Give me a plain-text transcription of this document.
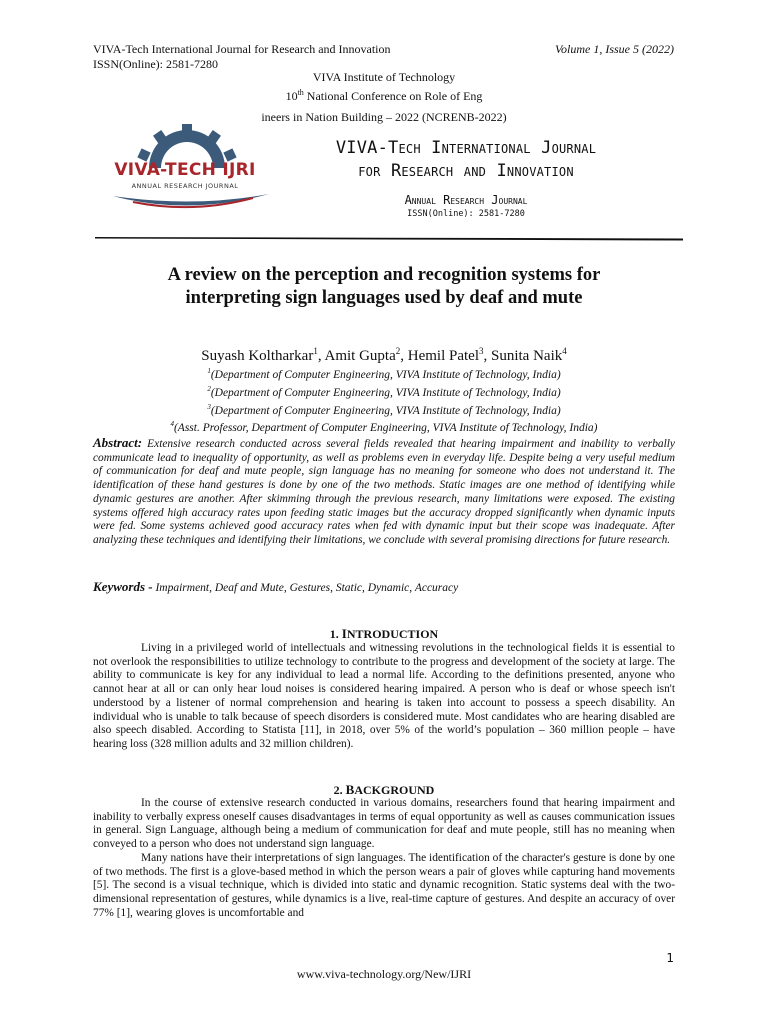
VIVA-Tech International Journal for Research and Innovation
ISSN(Online): 2581-7280
Volume 1, Issue 5 (2022)
VIVA Institute of Technology
10th National Conference on Role of Eng
ineers in Nation Building – 2022 (NCRENB-2022)
VIVA-TECH IJRI
ANNUAL RESEARCH JOURNAL
VIVA-Tech International Journal
for Research and Innovation
Annual Research Journal
ISSN(Online): 2581-7280
A review on the perception and recognition systems for
interpreting sign languages used by deaf and mute
Suyash Koltharkar$^1$, Amit Gupta$^2$, Hemil Patel$^3$, Sunita Naik$^4$
$^1$(Department of Computer Engineering, VIVA Institute of Technology, India)
$^2$(Department of Computer Engineering, VIVA Institute of Technology, India)
$^3$(Department of Computer Engineering, VIVA Institute of Technology, India)
$^4$(Asst. Professor, Department of Computer Engineering, VIVA Institute of Technology, India)
Abstract: Extensive research conducted across several fields revealed that hearing impairment and inability to verbally communicate lead to inequality of opportunity, as well as problems even in everyday life. Despite being a very useful medium of communication for deaf and mute people, sign language has no meaning for someone who does not understand it. The identification of these hand gestures is done by one of the two methods. Static images are one method of identifying while dynamic gestures are another. After skimming through the previous research, many limitations were exposed. The existing systems offered high accuracy rates upon feeding static images but the accuracy dropped significantly when dynamic inputs were fed. Some systems achieved good accuracy rates when fed with dynamic input but their scope was inadequate. After analyzing these techniques and identifying their limitations, we conclude with several promising directions for future research.
Keywords - Impairment, Deaf and Mute, Gestures, Static, Dynamic, Accuracy
1. INTRODUCTION

Living in a privileged world of intellectuals and witnessing revolutions in the technological fields it is essential to not overlook the responsibilities to utilize technology to contribute to the progress and development of the society at large. The ability to communicate is key for any individual to lead a normal life. According to the definitions presented, anyone who cannot hear at all or can only hear loud noises is considered hearing impaired. A person who is deaf or whose speech isn't understood by a listener of normal comprehension and hearing is taken into account to possess a speech disability. An individual who is unable to talk because of speech disorders is considered mute. Most candidates who are hearing disabled are also speech disabled. According to Statista [11], in 2018, over 5% of the world’s population – 360 million people – have hearing loss (328 million adults and 32 million children).

2. BACKGROUND

In the course of extensive research conducted in various domains, researchers found that hearing impairment and inability to verbally express oneself causes disadvantages in terms of equal opportunity as well as causes communication issues in general. Sign Language, although being a medium of communication for deaf and mute people, still has no meaning when conveyed to a person who does not understand sign language.

Many nations have their interpretations of sign languages. The identification of the character's gesture is done by one of two methods. The first is a glove-based method in which the person wears a pair of gloves while capturing hand movements [5]. The second is a visual technique, which is divided into static and dynamic recognition. Static systems deal with the two-dimensional representation of gestures, while dynamics is a live, real-time capture of gestures. And despite an accuracy of over 77% [1], wearing gloves is uncomfortable and

1
www.viva-technology.org/New/IJRI
